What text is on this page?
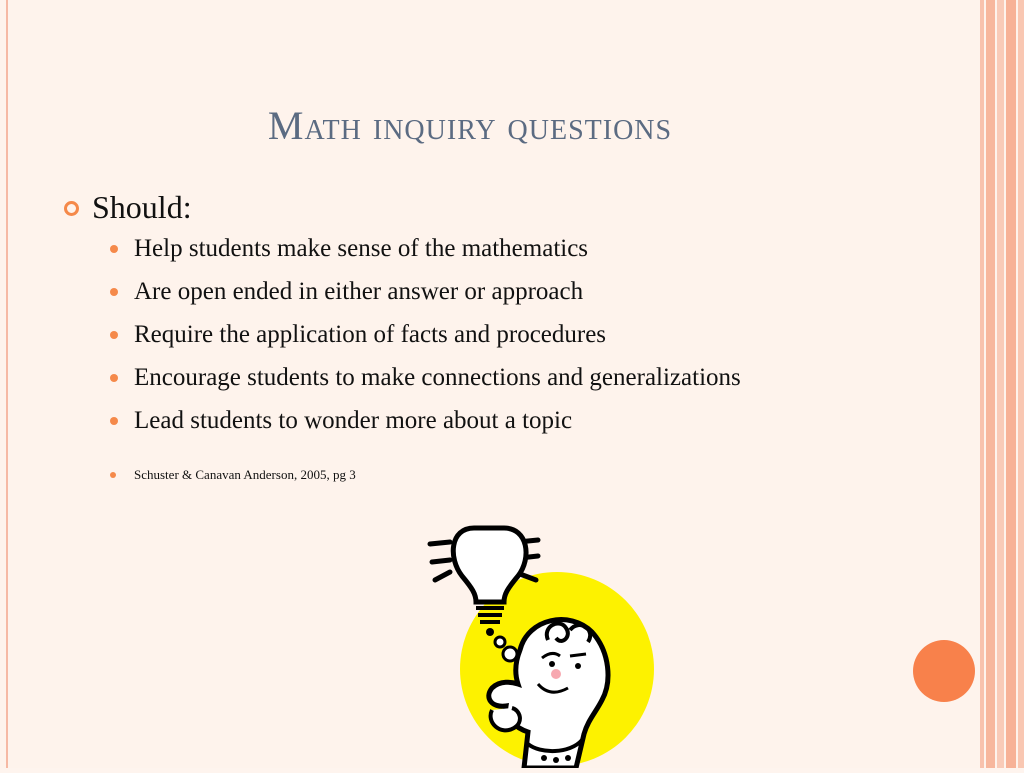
Math inquiry questions
Should:
Help students make sense of the mathematics
Are open ended in either answer or approach
Require the application of facts and procedures
Encourage students to make connections and generalizations
Lead students to wonder more about a topic
Schuster & Canavan Anderson, 2005, pg 3
